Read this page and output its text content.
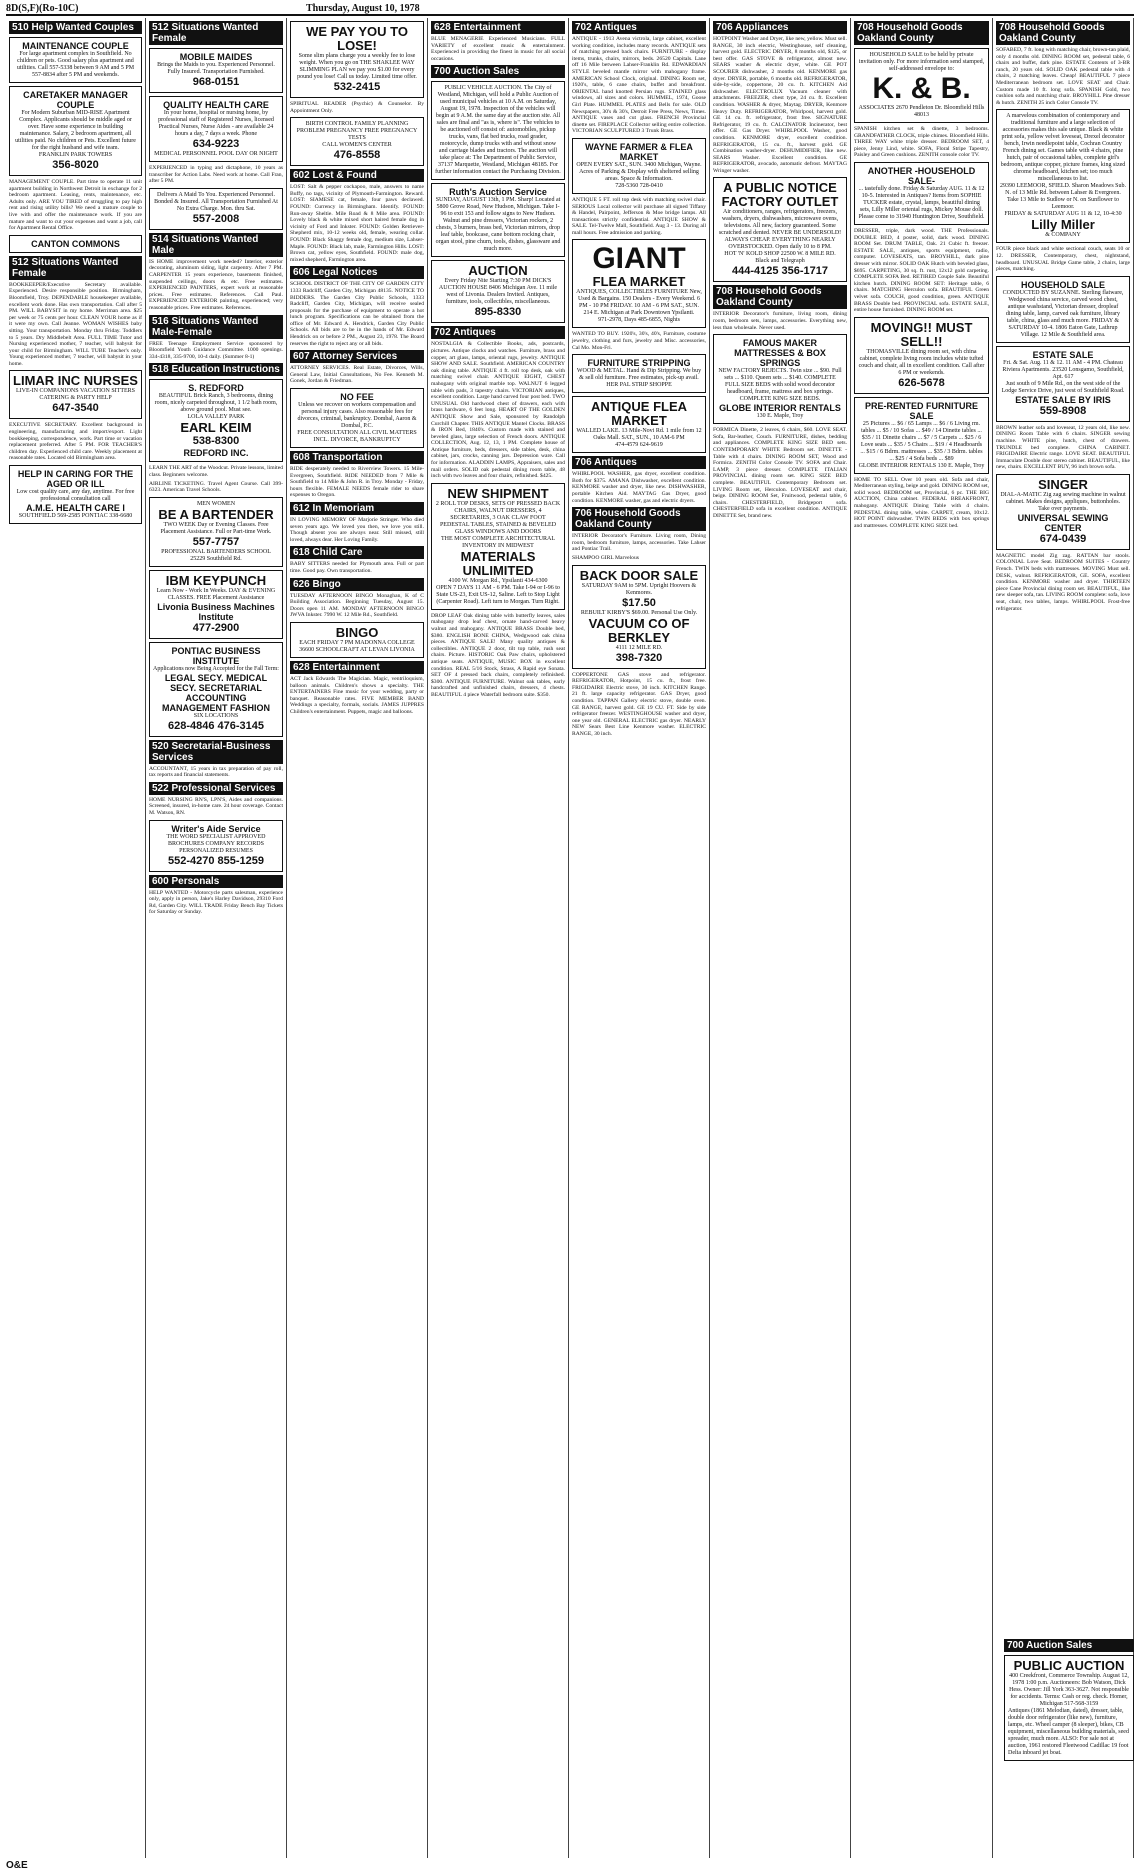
8D(S,F)(Ro-10C)	Thursday, August 10, 1978
510 Help Wanted Couples
MAINTENANCE COUPLE
For large apartment complex in Southfield. No children or pets. Good salary plus apartment and utilities. Call 557-5338 between 9 AM and 5 PM 557-8834 after 5 PM and weekends.
CARETAKER MANAGER COUPLE
For Modern Suburban MID-RISE Apartment Complex. Applicants should be middle aged or over. Have some experience in building maintenance. Salary, 2 bedroom apartment, all utilities paid. No children or Pets. Excellent future for the right husband and wife team.
FRANKLIN PARK TOWERS
356-8020
MANAGEMENT COUPLE. Part time to operate 11 unit apartment building in Northwest Detroit in exchange for 2 bedroom apartment. Leasing, rents, maintenance, etc. Adults only. ARE YOU TIRED of struggling to pay high rent and rising utility bills? We need a mature couple to live with and offer the maintenance work. If you are mature and want to cut your expenses and want a job, call for Apartment Rental Office.
CANTON COMMONS
512 Situations Wanted Female
BOOKKEEPER/Executive Secretary available. Experienced. Desire responsible position. Birmingham, Bloomfield, Troy. DEPENDABLE housekeeper available, excellent work done. Has own transportation. Call after 5 PM. WILL BABYSIT in my home. Merriman area. $25 per week or 75 cents per hour. CLEAN YOUR home as if it were my own. Call Jeanne. WOMAN WISHES baby sitting. Your transportation. Monday thru Friday. Toddlers to 5 years. Dry Middlebelt Area. FULL TIME Tutor and Nursing experienced mother, 7 teacher, will babysit for your child for Birmingham. WILL TUBE Teacher's only. Young experienced mother, 7 teacher, will babysit in your home.
LIMAR INC NURSES
LIVE-IN COMPANIONS VACATION SITTERS CATERING & PARTY HELP
647-3540
EXECUTIVE SECRETARY. Excellent background in engineering, manufacturing and import/export. Light bookkeeping, correspondence, work. Part time or vacation replacement preferred. After 5 PM. FOR TEACHER'S children day. Experienced child care. Weekly placement at reasonable rates. Located old Birmingham area.
HELP IN CARING FOR THE AGED OR ILL
Low cost quality care, any day, anytime. For free professional consultation call
A.M.E. HEALTH CARE I
SOUTHFIELD 569-2585 PONTIAC 338-6680
512 Situations Wanted Female
MOBILE MAIDES
Brings the Maids to you. Experienced Personnel. Fully Insured. Transportation Furnished.
968-0151
QUALITY HEALTH CARE
In your home, hospital or nursing home, by professional staff of Registered Nurses, licensed Practical Nurses, Nurse Aides - are available 24 hours a day, 7 days a week. Phone
634-9223
MEDICAL PERSONNEL POOL DAY OR NIGHT
EXPERIENCED in typing and dictaphone, 10 years as transcriber for Action Labs. Need work at home. Call Fran, after 5 PM.
Delivers A Maid To You. Experienced Personnel. Bonded & Insured. All Transportation Furnished At No Extra Charge. Mon. thru Sat.
557-2008
514 Situations Wanted Male
IS HOME improvement work needed? Interior, exterior decorating, aluminum siding, light carpentry. After 7 PM. CARPENTER 15 years experience, basements finished, suspended ceilings, doors & etc. Free estimates. EXPERIENCED PAINTERS, expert work at reasonable prices. Free estimates. References. Call Paul. EXPERIENCED EXTERIOR painting, experienced; very reasonable prices. Free estimates. References.
516 Situations Wanted Male-Female
FREE Teenage Employment Service sponsored by Bloomfield Youth Guidance Committee. 1000 openings. 334-4318, 335-9700, 10-4 daily. (Summer 8-1)
518 Education Instructions
S. REDFORD
BEAUTIFUL Brick Ranch, 3 bedrooms, dining room, nicely carpeted throughout, 1 1/2 bath room, above ground pool. Must see.
LOLA VALLEY PARK
EARL KEIM
538-8300
REDFORD INC.
LEARN THE ART of the Woodcut. Private lessons, limited class. Beginners welcome.
AIRLINE TICKETING. Travel Agent Course. Call 399-6323. American Travel Schools.
MEN WOMEN
BE A BARTENDER
TWO WEEK Day or Evening Classes. Free Placement Assistance. Full or Part-time Work.
557-7757
PROFESSIONAL BARTENDERS SCHOOL 25229 Southfield Rd.
IBM KEYPUNCH
Learn Now - Work In Weeks. DAY & EVENING CLASSES. FREE Placement Assistance
Livonia Business Machines Institute
477-2900
PONTIAC BUSINESS INSTITUTE
Applications now Being Accepted for the Fall Term:
LEGAL SECY. MEDICAL SECY. SECRETARIAL ACCOUNTING MANAGEMENT FASHION
SIX LOCATIONS
628-4846 476-3145
520 Secretarial-Business Services
ACCOUNTANT, 15 years in tax preparation of pay roll, tax reports and financial statements.
522 Professional Services
HOME NURSING RN'S, LPN'S, Aides and companions. Screened, insured, in-home care. 24 hour coverage. Contact M. Watson, RN.
Writer's Aide Service
THE WORD SPECIALIST APPROVED BROCHURES COMPANY RECORDS PERSONALIZED RESUMES
552-4270 855-1259
600 Personals
HELP WANTED - Motorcycle parts salesman, experience only, apply in person, Jake's Harley Davidson, 29310 Ford Rd, Garden City. WILL TRADE Friday Bench Bay Tickets for Saturday or Sunday.
WE PAY YOU TO LOSE!
Some slim plans charge you a weekly fee to lose weight. When you go on THE SHAKLEE WAY SLIMMING PLAN we pay you $1.00 for every pound you lose! Call us today. Limited time offer.
532-2415
SPIRITUAL READER (Psychic) & Counselor. By Appointment Only.
BIRTH CONTROL FAMILY PLANNING PROBLEM PREGNANCY FREE PREGNANCY TESTS
CALL WOMEN'S CENTER
476-8558
602 Lost & Found
LOST: Salt & pepper cockapoo, male, answers to name Buffy, no tags, vicinity of Plymouth-Farmington. Reward. LOST: SIAMESE cat, female, four paws declawed. FOUND: Currency in Birmingham. Identify. FOUND: Run-away Sheltie. Mile Road & 8 Mile area. FOUND: Lovely black & white mixed short haired female dog in vicinity of Ford and Inkster. FOUND: Golden Retriever-Shepherd mix, 10-12 weeks old, female, wearing collar. FOUND: Black Shaggy female dog, medium size, Lahser-Maple. FOUND: Black lab, male, Farmington Hills. LOST: Brown cat, yellow eyes, Southfield. FOUND: male dog, mixed shepherd, Farmington area.
606 Legal Notices
SCHOOL DISTRICT OF THE CITY OF GARDEN CITY 1333 Radcliff, Garden City, Michigan 48135. NOTICE TO BIDDERS. The Garden City Public Schools, 1333 Radcliff, Garden City, Michigan, will receive sealed proposals for the purchase of equipment to operate a hot lunch program. Specifications can be obtained from the office of Mr. Edward A. Hendrick, Garden City Public Schools. All bids are to be in the hands of Mr. Edward Hendrick on or before 2 PM., August 23, 1978. The Board reserves the right to reject any or all bids.
607 Attorney Services
ATTORNEY SERVICES. Real Estate, Divorces, Wills, General Law, Initial Consultations, No Fee. Kenneth M. Gonek, Jordan & Friedman.
NO FEE
Unless we recover on workers compensation and personal injury cases. Also reasonable fees for divorces, criminal, bankruptcy. Dombal, Aaron & Dombal, P.C.
FREE CONSULTATION ALL CIVIL MATTERS INCL. DIVORCE, BANKRUPTCY
608 Transportation
RIDE desperately needed to Riverview Towers. 15 Mile-Evergreen, Southfield. RIDE NEEDED from 7 Mile & Southfield to 14 Mile & John R. in Troy. Monday - Friday, hours flexible. FEMALE NEEDS female rider to share expenses to Oregon.
612 In Memoriam
IN LOVING MEMORY OF Marjorie Stringer. Who died seven years ago. We loved you then, we love you still. Though absent you are always near. Still missed, still loved, always dear. Her Loving Family.
618 Child Care
BABY SITTERS needed for Plymouth area. Full or part time. Good pay. Own transportation.
626 Bingo
TUESDAY AFTERNOON BINGO Monaghan, K of C Building Association. Beginning Tuesday, August 15. Doors open 11 AM. MONDAY AFTERNOON BINGO JWVA Inkster. 7990 W. 12 Mile Rd., Southfield.
BINGO
EACH FRIDAY 7 PM MADONNA COLLEGE 36600 SCHOOLCRAFT AT LEVAN LIVONIA
628 Entertainment
ACT Jack Edwards The Magician. Magic, ventriloquism, balloon animals. Children's shows a specialty. THE ENTERTAINERS Fine music for your wedding, party or banquet. Reasonable rates. FIVE MEMBER BAND Weddings a specialty, formals, socials. JAMES JUPPRES Children's entertainment. Puppets, magic and balloons.
628 Entertainment
BLUE MENAGERIE Experienced Musicians. FULL VARIETY of excellent music & entertainment. Experienced in providing the finest in music for all social occasions.
700 Auction Sales
PUBLIC VEHICLE AUCTION. The City of Westland, Michigan, will hold a Public Auction of used municipal vehicles at 10 A.M. on Saturday, August 19, 1978. Inspection of the vehicles will begin at 9 A.M. the same day at the auction site. All sales are final and "as is, where is". The vehicles to be auctioned off consist of: automobiles, pickup trucks, vans, flat bed trucks, road grader, motorcycle, dump trucks with and without snow and carriage blades and tractors. The auction will take place at: The Department of Public Service, 37137 Marquette, Westland, Michigan 48185. For further information contact the Purchasing Division.
Ruth's Auction Service
SUNDAY, AUGUST 13th, 1 PM. Sharp! Located at 5800 Grove Road, New Hudson, Michigan. Take I-96 to exit 153 and follow signs to New Hudson. Walnut and pine dressers, Victorian rockers, 2 chests, 3 burners, brass bed, Victorian mirrors, drop leaf table, bookcase, cane bottom rocking chair, organ stool, pine churn, tools, dishes, glassware and much more.
AUCTION
Every Friday Nite Starting 7:30 PM DICK'S AUCTION HOUSE 8406 Michigan Ave. 11 mile west of Livonia. Dealers Invited. Antiques, furniture, tools, collectibles, miscellaneous.
895-8330
702 Antiques
NOSTALGIA & Collectible Books, ads, postcards, pictures. Antique clocks and watches. Furniture, brass and copper, art glass, lamps, oriental rugs, jewelry. ANTIQUE SHOW AND SALE. Southfield. AMERICAN COUNTRY oak dining table. ANTIQUE 4 ft. roll top desk, oak with matching swivel chair. ANTIQUE EIGHT, CHEST mahogany with original marble top. WALNUT 6 legged table with pads, 3 tapestry chairs. VICTORIAN antiques, excellent condition. Large hand carved four post bed. TWO UNUSUAL Old hardwood chest of drawers, each with brass hardware, 6 feet long. HEART OF THE GOLDEN ANTIQUE Show and Sale, sponsored by Randolph Curchill Chapter. THIS ANTIQUE Mantel Clocks. BRASS & IRON Bed, 1840's. Custom made with stained and beveled glass, large selection of French doors. ANTIQUE COLLECTION, Aug. 12, 13, 1 PM. Complete house of Antique furniture, beds, dressers, side tables, desk, china cabinet, jars, crocks, canning jars. Depression ware. Call for information. ALADDIN LAMPS, Appraisers, sales and mail orders. SOLID oak pedestal dining room table, 48 inch with two leaves and four chairs, refinished. $425.
NEW SHIPMENT
2 ROLL TOP DESKS, SETS OF PRESSED BACK CHAIRS, WALNUT DRESSERS, 4 SECRETARIES, 3 OAK CLAW FOOT PEDESTAL TABLES, STAINED & BEVELED GLASS WINDOWS AND DOORS
THE MOST COMPLETE ARCHITECTURAL INVENTORY IN MIDWEST
MATERIALS UNLIMITED
4100 W. Morgan Rd., Ypsilanti 434-6300
OPEN 7 DAYS 11 AM - 6 PM. Take I-94 or I-96 to State US-23, Exit US-12, Saline. Left to Stop Light (Carpenter Road). Left turn to Morgan. Turn Right.
DROP LEAF Oak dining table with butterfly leaves, sales mahogany drop leaf chest, ornate hand-carved heavy walnut and mahogany. ANTIQUE BRASS Double bed, $380. ENGLISH BONE CHINA, Wedgwood oak china pieces. ANTIQUE SALE! Many quality antiques & collectibles. ANTIQUE 2 door, tilt top table, rush seat chairs. Picture. HISTORIC Oak Paw chairs, upholstered antique seats. ANTIQUE, MUSIC BOX in excellent condition. REAL 5/16 Stock, Strass, A Rapid eye Sonata. SET OF 4 pressed back chairs, completely refinished. $300. ANTIQUE FURNITURE. Walnut oak tables, early handcrafted and unfinished chairs, dressers, 4 chests. BEAUTIFUL 4 piece Waterfall bedroom suite. $350.
702 Antiques
ANTIQUE - 1913 Avena victrola, large cabinet, excellent working condition, includes many records. ANTIQUE sets of matching pressed back chairs. FURNITURE - display items, trunks, chairs, mirrors, beds. 26520 Capitals. Lane off 16 Mile between Lahser-Franklin Rd. EDWARDIAN STYLE beveled mantle mirror with mahogany frame. AMERICAN School Clock, original. DINING Room set, 1920's, table, 6 cane chairs, buffet and breakfront. ORIENTAL hand knotted Persian rugs. STAINED glass windows, all sizes and colors. HUMMEL, 1974, Goose Girl Plate. HUMMEL PLATES and Bells for sale. OLD Newspapers, 30's & 30's, Detroit Free Press, News, Times. ANTIQUE vases and cut glass. FRENCH Provincial dinette set. FIREPLACE Collector selling entire collection. VICTORIAN SCULPTURED 3 Trunk Brass.
WAYNE FARMER & FLEA MARKET
OPEN EVERY SAT., SUN. 3400 Michigan, Wayne. Acres of Parking & Display with sheltered selling areas. Space & Information.
728-5360 728-0410
ANTIQUE 5 FT. roll top desk with matching swivel chair. SERIOUS Local collector will purchase all signed Tiffany & Handel, Pairpoint, Jefferson & Moe bridge lamps. All transactions strictly confidential. ANTIQUE SHOW & SALE. Tel-Twelve Mall, Southfield. Aug 3 - 13. During all mall hours. Free admission and parking.
GIANT
FLEA MARKET
ANTIQUES, COLLECTIBLES FURNITURE New, Used & Bargains. 150 Dealers - Every Weekend. 6 PM - 10 PM FRIDAY. 10 AM - 6 PM SAT., SUN. 214 E. Michigan at Park Downtown Ypsilanti.
971-2978, Days 485-6855, Nights
WANTED TO BUY. 1920's, 30's, 40's, Furniture, costume jewelry, clothing and furs, jewelry and Misc. accessories, Cal Mo. Mon-Fri.
FURNITURE STRIPPING
WOOD & METAL. Hand & Dip Stripping. We buy & sell old furniture. Free estimates, pick-up avail.
HER PAL STRIP SHOPPE
ANTIQUE FLEA MARKET
WALLED LAKE. 13 Mile-Novi Rd. 1 mile from 12 Oaks Mall. SAT., SUN., 10 AM-6 PM
474-4579 624-9619
706 Antiques
WHIRLPOOL WASHER, gas dryer, excellent condition. Both for $375. AMANA Dishwasher, excellent condition. KENMORE washer and dryer, like new. DISHWASHER, portable Kitchen Aid. MAYTAG Gas Dryer, good condition. KENMORE washer, gas and electric dryers.
706 Household Goods Oakland County
INTERIOR Decorator's Furniture. Living room, Dining room, bedroom furniture, lamps, accessories. Take Lahser and Pontiac Trail.
SHAMPOO GIRL Marvelous
BACK DOOR SALE
SATURDAY 9AM to 5PM. Upright Hoovers & Kenmores.
$17.50
REBUILT KIRBY'S $69.00. Personal Use Only.
VACUUM CO OF BERKLEY
4111 12 MILE RD.
398-7320
COPPERTONE GAS stove and refrigerator. REFRIGERATOR, Hotpoint, 15 cu. ft., frost free. FRIGIDAIRE Electric stove, 30 inch. KITCHEN Range. 21 ft. large capacity refrigerator. GAS Dryer, good condition. TAPPAN Gallery electric stove, double oven. GE RANGE, harvest gold. GE 19 CU. FT. Side by side refrigerator freezer. WESTINGHOUSE washer and dryer, one year old. GENERAL ELECTRIC gas dryer. NEARLY NEW Sears Best Line Kenmore washer. ELECTRIC RANGE, 30 inch.
706 Appliances
HOTPOINT Washer and Dryer, like new, yellow. Must sell. RANGE, 30 inch electric, Westinghouse, self cleaning, harvest gold. ELECTRIC DRYER, 8 months old, $125, or best offer. GAS STOVE & refrigerator, almost new. SEARS washer & electric dryer, white. GE POT SCOURER dishwasher, 2 months old. KENMORE gas dryer. DRYER, portable, 6 months old. REFRIGERATOR, side-by-side, coppertone, 20 cu. ft. KITCHEN Aid dishwasher. ELECTROLUX Vacuum cleaner with attachments. FREEZER, chest type, 24 cu. ft. Excellent condition. WASHER & dryer, Maytag. DRYER, Kenmore Heavy Duty. REFRIGERATOR, Whirlpool, harvest gold. GE 14 cu. ft. refrigerator, frost free. SIGNATURE Refrigerator, 19 cu. ft. CALCINATOR Incinerator, best offer. GE Gas Dryer. WHIRLPOOL Washer, good condition. KENMORE dryer, excellent condition. REFRIGERATOR, 15 cu. ft., harvest gold. GE Combination washer-dryer. DEHUMIDIFIER, like new. SEARS Washer. Excellent condition. GE REFRIGERATOR, avocado, automatic defrost. MAYTAG Wringer washer.
A PUBLIC NOTICE FACTORY OUTLET
Air conditioners, ranges, refrigerators, freezers, washers, dryers, dishwashers, microwave ovens, televisions. All new, factory guaranteed. Some scratched and dented. NEVER BE UNDERSOLD! ALWAYS CHEAP. EVERYTHING NEARLY OVERSTOCKED. Open daily 10 to 8 PM.
HOT 'N' KOLD SHOP 22500 W. 8 MILE RD. Black and Telegraph
444-4125 356-1717
708 Household Goods Oakland County
INTERIOR Decorator's furniture, living room, dining room, bedroom sets, lamps, accessories. Everything new, less than wholesale. Never used.
FAMOUS MAKER MATTRESSES & BOX SPRINGS
NEW FACTORY REJECTS. Twin size ... $90. Full sets ... $110. Queen sets ... $140. COMPLETE FULL SIZE BEDS with solid wood decorator headboard, frame, mattress and box springs. COMPLETE KING SIZE BEDS.
GLOBE INTERIOR RENTALS
130 E. Maple, Troy
FORMICA Dinette, 2 leaves, 6 chairs, $60. LOVE SEAT. Sofa, Bar-leather, Couch. FURNITURE, dishes, bedding and appliances. COMPLETE KING SIZE BED sets. CONTEMPORARY WHITE Bedroom set. DINETTE - Table with 4 chairs. DINING ROOM SET, Wood and Formica. ZENITH Color Console TV. SOFA and Chair. LAMP, 3 piece dresser. COMPLETE ITALIAN PROVINCIAL dining room set. KING SIZE BED complete. BEAUTIFUL Contemporary Bedroom set. LIVING Room set, Herculon. LOVESEAT and chair, beige. DINING ROOM Set, Fruitwood, pedestal table, 6 chairs. CHESTERFIELD, Bridgeport sofa. CHESTERFIELD sofa in excellent condition. ANTIQUE DINETTE Set, brand new.
708 Household Goods Oakland County
HOUSEHOLD SALE to be held by private invitation only. For more information send stamped, self-addressed envelope to:
K. & B.
ASSOCIATES 2670 Pendleton Dr. Bloomfield Hills 48013
SPANISH kitchen set & dinette, 3 bedrooms. GRANDFATHER CLOCK, triple chimes. Bloomfield Hills. THREE WAY white triple dresser. BEDROOM SET, 4 piece, Jenny Lind, white. SOFA, Floral Stripe Tapestry, Paisley and Green cushions. ZENITH console color TV.
ANOTHER -HOUSEHOLD SALE-
... tastefully done. Friday & Saturday AUG. 11 & 12 10-5. Interested in Antiques? Items from SOPHIE TUCKER estate, crystal, lamps, beautiful dining sets, Lilly Miller oriental rugs, Mickey Mouse doll. Please come to 31940 Huntington Drive, Southfield.
DRESSER, triple, dark wood. THE Professionals. DOUBLE BED, 4 poster, solid, dark wood. DINING ROOM Set. DRUM TABLE, Oak. 21 Cubic ft. freezer. ESTATE SALE, antiques, sports equipment, radio, computer. LOVESEATS, tan. BROYHILL, dark pine dresser with mirror. SOLID OAK Hutch with beveled glass, $695. CARPETING, 30 sq. ft. rust, 12x12 gold carpeting. COMPLETE SOFA Bed. RETIRED Couple Sale. Beautiful kitchen hutch. DINING ROOM SET: Heritage table, 6 chairs. MATCHING Herculon sofa. BEAUTIFUL Green velvet sofa. COUCH, good condition, green. ANTIQUE BRASS Double bed. PROVINCIAL sofa. ESTATE SALE, entire house furnished. DINING ROOM set.
MOVING!! MUST SELL!!
THOMASVILLE dining room set, with china cabinet, complete living room includes white tufted couch and chair, all in excellent condition. Call after 6 PM or weekends.
626-5678
PRE-RENTED FURNITURE SALE
25 Pictures ... $6 / 65 Lamps ... $6 / 6 Living rm. tables ... $5 / 10 Sofas ... $49 / 14 Dinette tables ... $35 / 11 Dinette chairs ... $7 / 5 Carpets ... $25 / 6 Love seats ... $35 / 5 Chairs ... $19 / 4 Headboards ... $15 / 6 Bdrm. mattresses ... $35 / 3 Bdrm. tables ... $25 / 4 Sofa beds ... $89
GLOBE INTERIOR RENTALS 130 E. Maple, Troy
HOME TO SELL Over 10 years old. Sofa and chair, Mediterranean styling, beige and gold. DINING ROOM set, solid wood. BEDROOM set, Provincial, 6 pc. THE BIG AUCTION, China cabinet. FEDERAL BREAKFRONT, mahogany. ANTIQUE Dining Table with 4 chairs. PEDESTAL dining table, white. CARPET, cream, 10x12. HOT POINT dishwasher. TWIN BEDS with box springs and mattresses. COMPLETE KING SIZE bed.
708 Household Goods Oakland County
SOFABED, 7 ft. long with matching chair, brown-tan plaid, only 4 months old. DINING ROOM set, pedestal table, 6 chairs and buffet, dark pine. ESTATE Contents of 3-BR ranch, 20 years old. SOLID OAK pedestal table with 4 chairs, 2 matching leaves. Cheap! BEAUTIFUL 7 piece Mediterranean bedroom set. LOVE SEAT and Chair. Custom made 10 ft. long sofa. SPANISH Gold, two cushion sofa and matching chair. BROYHILL Pine dresser & hutch. ZENITH 25 inch Color Console TV.
A marvelous combination of contemporary and traditional furniture and a large selection of accessories makes this sale unique. Black & white print sofa, yellow velvet loveseat, Drexel decorator bench, Irwin needlepoint table, Cochran Country French dining set. Games table with 4 chairs, pine hutch, pair of occasional tables, complete girl's bedroom, antique copper, picture frames, king sized chrome headboard, kitchen set; too much miscellaneous to list.
29390 LEEMOOR, SFIELD. Sharon Meadows Sub. N. of 13 Mile Rd. between Lahser & Evergreen. Take 13 Mile to Sudlow or N. on Sunflower to Leemoor.
FRIDAY & SATURDAY AUG 11 & 12, 10-4:30
Lilly Miller
& COMPANY
FOUR piece black and white sectional couch, seats 10 or 12. DRESSER, Contemporary, chest, nightstand, headboard. UNUSUAL Bridge Game table, 2 chairs, large pieces, matching.
HOUSEHOLD SALE
CONDUCTED BY SUZANNE. Sterling flatware, Wedgwood china service, carved wood chest, antique washstand, Victorian dresser, dropleaf dining table, lamp, carved oak furniture, library table, china, glass and much more. FRIDAY & SATURDAY 10-4. 1806 Eaton Gate, Lathrup Village. 12 Mile & Southfield area.
ESTATE SALE
Fri. & Sat. Aug. 11 & 12. 11 AM - 4 PM. Chateau Riviera Apartments. 23520 Lonsgamo, Southfield, Apt. 617
Just south of 9 Mile Rd., on the west side of the Lodge Service Drive, just west of Southfield Road.
ESTATE SALE BY IRIS
559-8908
BROWN leather sofa and loveseat, 12 years old, like new. DINING Room Table with 6 chairs. SINGER sewing machine. WHITE pine, hutch, chest of drawers. TRUNDLE bed complete. CHINA CABINET. FRIGIDAIRE Electric range. LOVE SEAT. BEAUTIFUL Immaculate Double door stereo cabinet. BEAUTIFUL, like new, chairs. EXCELLENT BUY, 96 inch brown sofa.
SINGER
DIAL-A-MATIC Zig zag sewing machine in walnut cabinet. Makes designs, appliques, buttonholes. Take over payments.
UNIVERSAL SEWING CENTER
674-0439
MAGNETIC model Zig zag. RATTAN bar stools. COLONIAL Love Seat. BEDROOM SUITES - Country French. TWIN beds with mattresses. MOVING Must sell. DESK, walnut. REFRIGERATOR, GE. SOFA, excellent condition. KENMORE washer and dryer. THIRTEEN piece Cane Provincial dining room set. BEAUTIFUL, like new sleeper sofa, tan. LIVING ROOM complete: sofa, love seat, chair, two tables, lamps. WHIRLPOOL Frost-free refrigerator.
700 Auction Sales
PUBLIC AUCTION
400 Creekfront, Commerce Township. August 12, 1978 1:00 p.m. Auctioneers: Bob Watson, Dick Hess. Owner: Jill York 363-3627. Not responsible for accidents. Terms: Cash or reg. check. Homer, Michigan 517-568-3159
Antiques (1861 Melodian, dated), dresser, table, double door refrigerator (like new), furniture, lamps, etc. Wheel camper (8 sleeper), bikes, CB equipment, miscellaneous building materials, seed spreader, much more. ALSO: For sale not at auction, 1961 restored Fleetwood Cadillac 19 foot Delta inboard jet boat.
O&E
